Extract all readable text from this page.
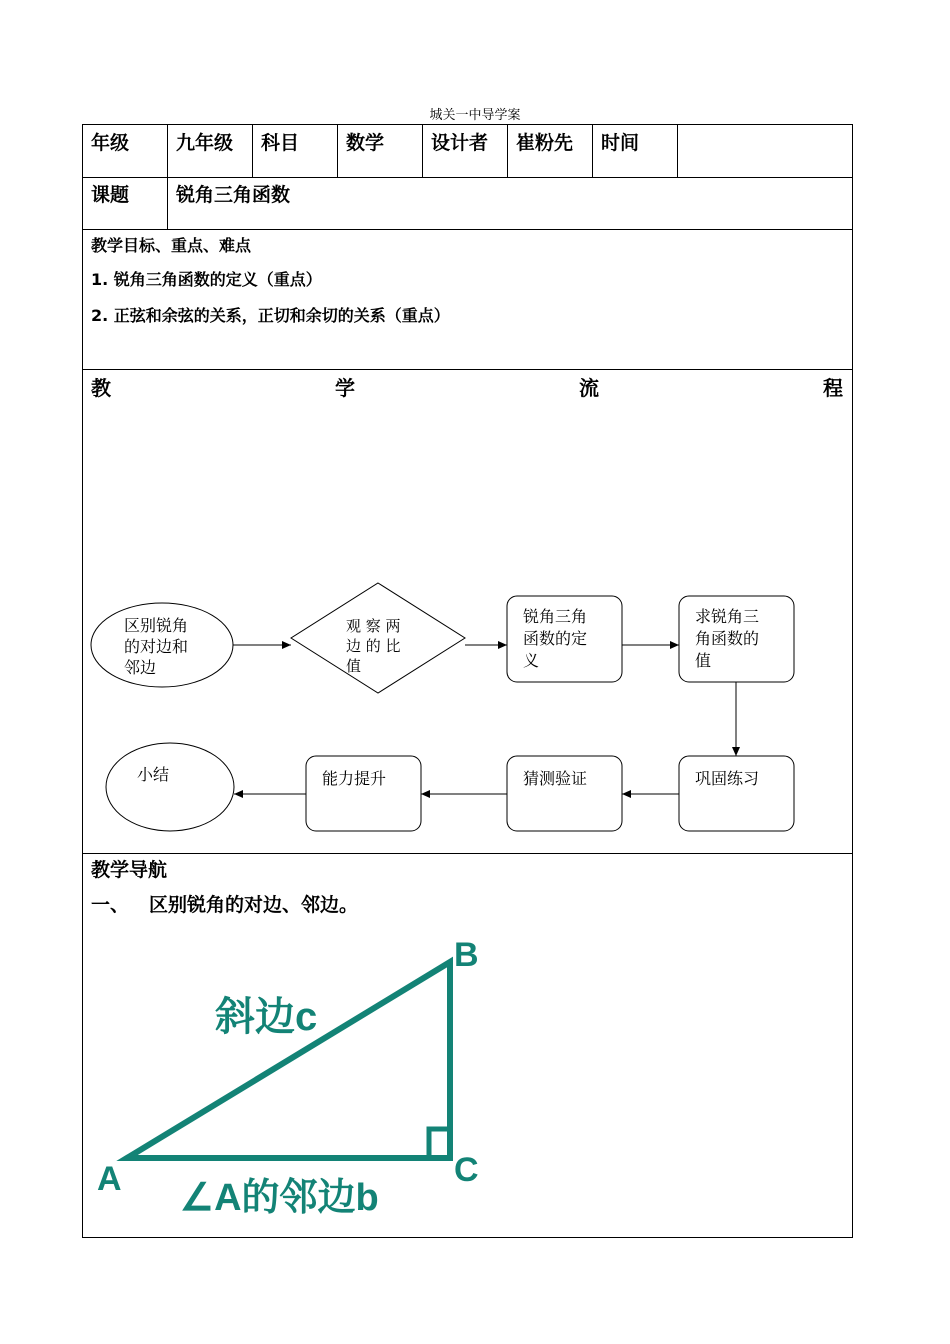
城关一中导学案
年级 九年级 科目 数学 设计者 崔粉先 时间
课题 锐角三角函数
教学目标、重点、难点
1. 锐角三角函数的定义（重点）
2. 正弦和余弦的关系，正切和余切的关系（重点）
教	学	流	程
区别锐角
的对边和
邻边
观 察 两
边 的 比
值
锐角三角
函数的定
义
求锐角三
角函数的
值
巩固练习
猜测验证
能力提升
小结
教学导航
一、 区别锐角的对边、邻边。
B
C
A
斜边c
∠A的邻边b
